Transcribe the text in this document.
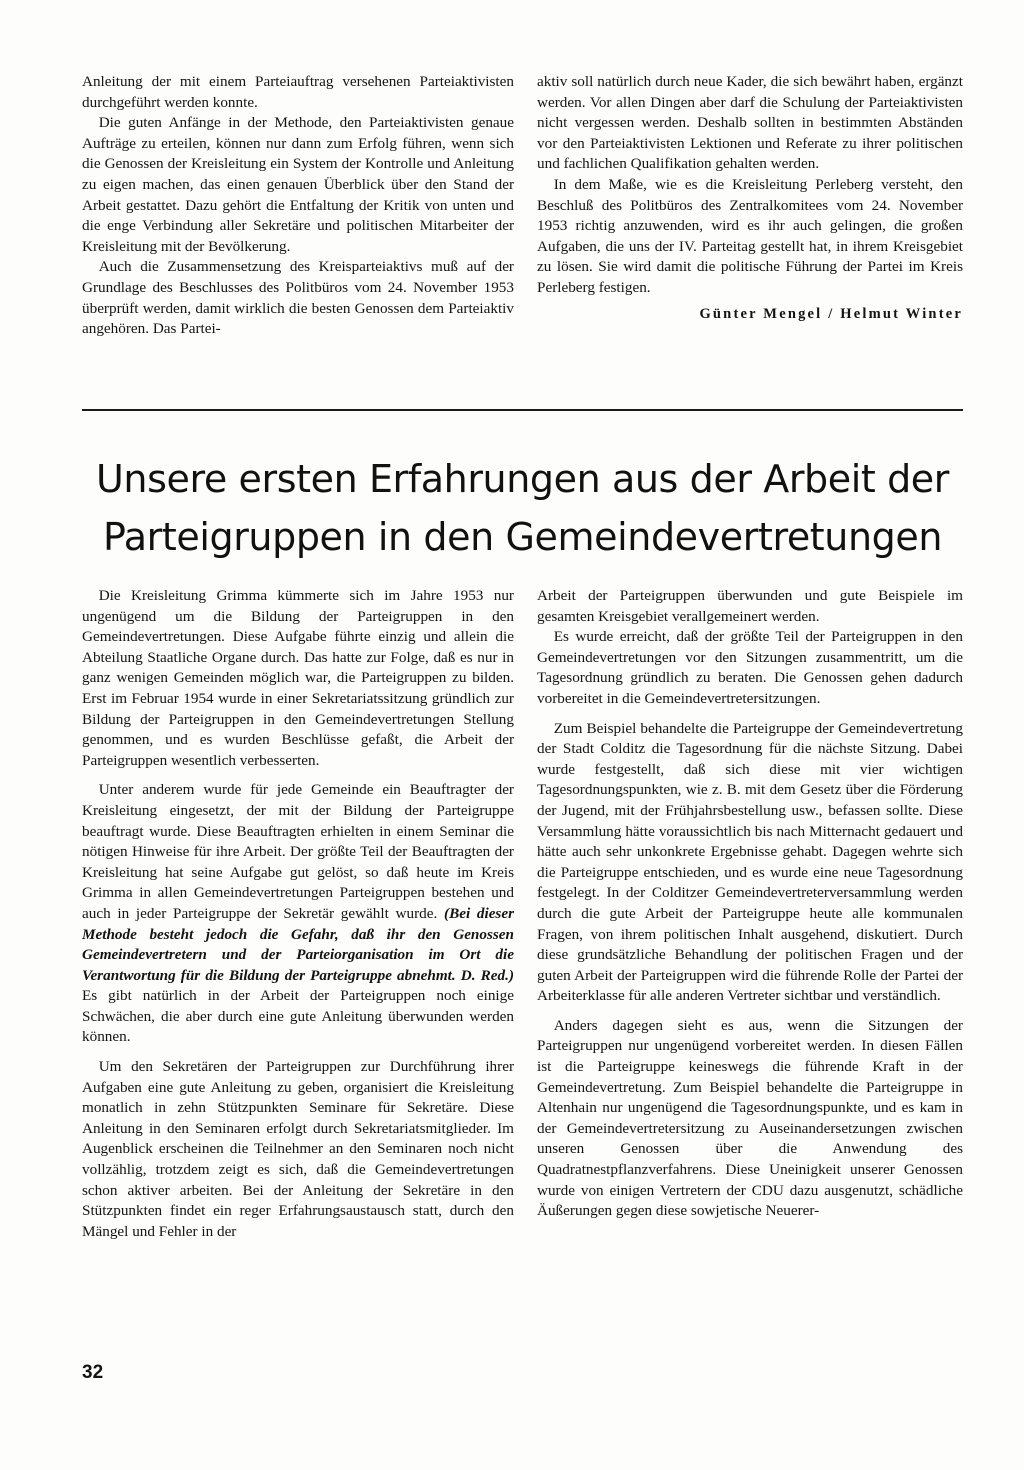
Anleitung der mit einem Parteiauftrag versehenen Parteiaktivisten durchgeführt werden konnte.

Die guten Anfänge in der Methode, den Parteiaktivisten genaue Aufträge zu erteilen, können nur dann zum Erfolg führen, wenn sich die Genossen der Kreisleitung ein System der Kontrolle und Anleitung zu eigen machen, das einen genauen Überblick über den Stand der Arbeit gestattet. Dazu gehört die Entfaltung der Kritik von unten und die enge Verbindung aller Sekretäre und politischen Mitarbeiter der Kreisleitung mit der Bevölkerung.

Auch die Zusammensetzung des Kreisparteiaktivs muß auf der Grundlage des Beschlusses des Politbüros vom 24. November 1953 überprüft werden, damit wirklich die besten Genossen dem Parteiaktiv angehören. Das Partei-

aktiv soll natürlich durch neue Kader, die sich bewährt haben, ergänzt werden. Vor allen Dingen aber darf die Schulung der Parteiaktivisten nicht vergessen werden. Deshalb sollten in bestimmten Abständen vor den Parteiaktivisten Lektionen und Referate zu ihrer politischen und fachlichen Qualifikation gehalten werden.

In dem Maße, wie es die Kreisleitung Perleberg versteht, den Beschluß des Politbüros des Zentralkomitees vom 24. November 1953 richtig anzuwenden, wird es ihr auch gelingen, die großen Aufgaben, die uns der IV. Parteitag gestellt hat, in ihrem Kreisgebiet zu lösen. Sie wird damit die politische Führung der Partei im Kreis Perleberg festigen.

Günter Mengel / Helmut Winter
Unsere ersten Erfahrungen aus der Arbeit der Parteigruppen in den Gemeindevertretungen

Die Kreisleitung Grimma kümmerte sich im Jahre 1953 nur ungenügend um die Bildung der Parteigruppen in den Gemeindevertretungen. Diese Aufgabe führte einzig und allein die Abteilung Staatliche Organe durch. Das hatte zur Folge, daß es nur in ganz wenigen Gemeinden möglich war, die Parteigruppen zu bilden. Erst im Februar 1954 wurde in einer Sekretariatssitzung gründlich zur Bildung der Parteigruppen in den Gemeindevertretungen Stellung genommen, und es wurden Beschlüsse gefaßt, die Arbeit der Parteigruppen wesentlich verbesserten.

Unter anderem wurde für jede Gemeinde ein Beauftragter der Kreisleitung eingesetzt, der mit der Bildung der Parteigruppe beauftragt wurde. Diese Beauftragten erhielten in einem Seminar die nötigen Hinweise für ihre Arbeit. Der größte Teil der Beauftragten der Kreisleitung hat seine Aufgabe gut gelöst, so daß heute im Kreis Grimma in allen Gemeindevertretungen Parteigruppen bestehen und auch in jeder Parteigruppe der Sekretär gewählt wurde. (Bei dieser Methode besteht jedoch die Gefahr, daß ihr den Genossen Gemeindevertretern und der Parteiorganisation im Ort die Verantwortung für die Bildung der Parteigruppe abnehmt. D. Red.) Es gibt natürlich in der Arbeit der Parteigruppen noch einige Schwächen, die aber durch eine gute Anleitung überwunden werden können.

Um den Sekretären der Parteigruppen zur Durchführung ihrer Aufgaben eine gute Anleitung zu geben, organisiert die Kreisleitung monatlich in zehn Stützpunkten Seminare für Sekretäre. Diese Anleitung in den Seminaren erfolgt durch Sekretariatsmitglieder. Im Augenblick erscheinen die Teilnehmer an den Seminaren noch nicht vollzählig, trotzdem zeigt es sich, daß die Gemeindevertretungen schon aktiver arbeiten. Bei der Anleitung der Sekretäre in den Stützpunkten findet ein reger Erfahrungsaustausch statt, durch den Mängel und Fehler in der

Arbeit der Parteigruppen überwunden und gute Beispiele im gesamten Kreisgebiet verallgemeinert werden.

Es wurde erreicht, daß der größte Teil der Parteigruppen in den Gemeindevertretungen vor den Sitzungen zusammentritt, um die Tagesordnung gründlich zu beraten. Die Genossen gehen dadurch vorbereitet in die Gemeindevertretersitzungen.

Zum Beispiel behandelte die Parteigruppe der Gemeindevertretung der Stadt Colditz die Tagesordnung für die nächste Sitzung. Dabei wurde festgestellt, daß sich diese mit vier wichtigen Tagesordnungspunkten, wie z. B. mit dem Gesetz über die Förderung der Jugend, mit der Frühjahrsbestellung usw., befassen sollte. Diese Versammlung hätte voraussichtlich bis nach Mitternacht gedauert und hätte auch sehr unkonkrete Ergebnisse gehabt. Dagegen wehrte sich die Parteigruppe entschieden, und es wurde eine neue Tagesordnung festgelegt. In der Colditzer Gemeindevertreterversammlung werden durch die gute Arbeit der Parteigruppe heute alle kommunalen Fragen, von ihrem politischen Inhalt ausgehend, diskutiert. Durch diese grundsätzliche Behandlung der politischen Fragen und der guten Arbeit der Parteigruppen wird die führende Rolle der Partei der Arbeiterklasse für alle anderen Vertreter sichtbar und verständlich.

Anders dagegen sieht es aus, wenn die Sitzungen der Parteigruppen nur ungenügend vorbereitet werden. In diesen Fällen ist die Parteigruppe keineswegs die führende Kraft in der Gemeindevertretung. Zum Beispiel behandelte die Parteigruppe in Altenhain nur ungenügend die Tagesordnungspunkte, und es kam in der Gemeindevertretersitzung zu Auseinandersetzungen zwischen unseren Genossen über die Anwendung des Quadratnestpflanzverfahrens. Diese Uneinigkeit unserer Genossen wurde von einigen Vertretern der CDU dazu ausgenutzt, schädliche Äußerungen gegen diese sowjetische Neuerer-

32
